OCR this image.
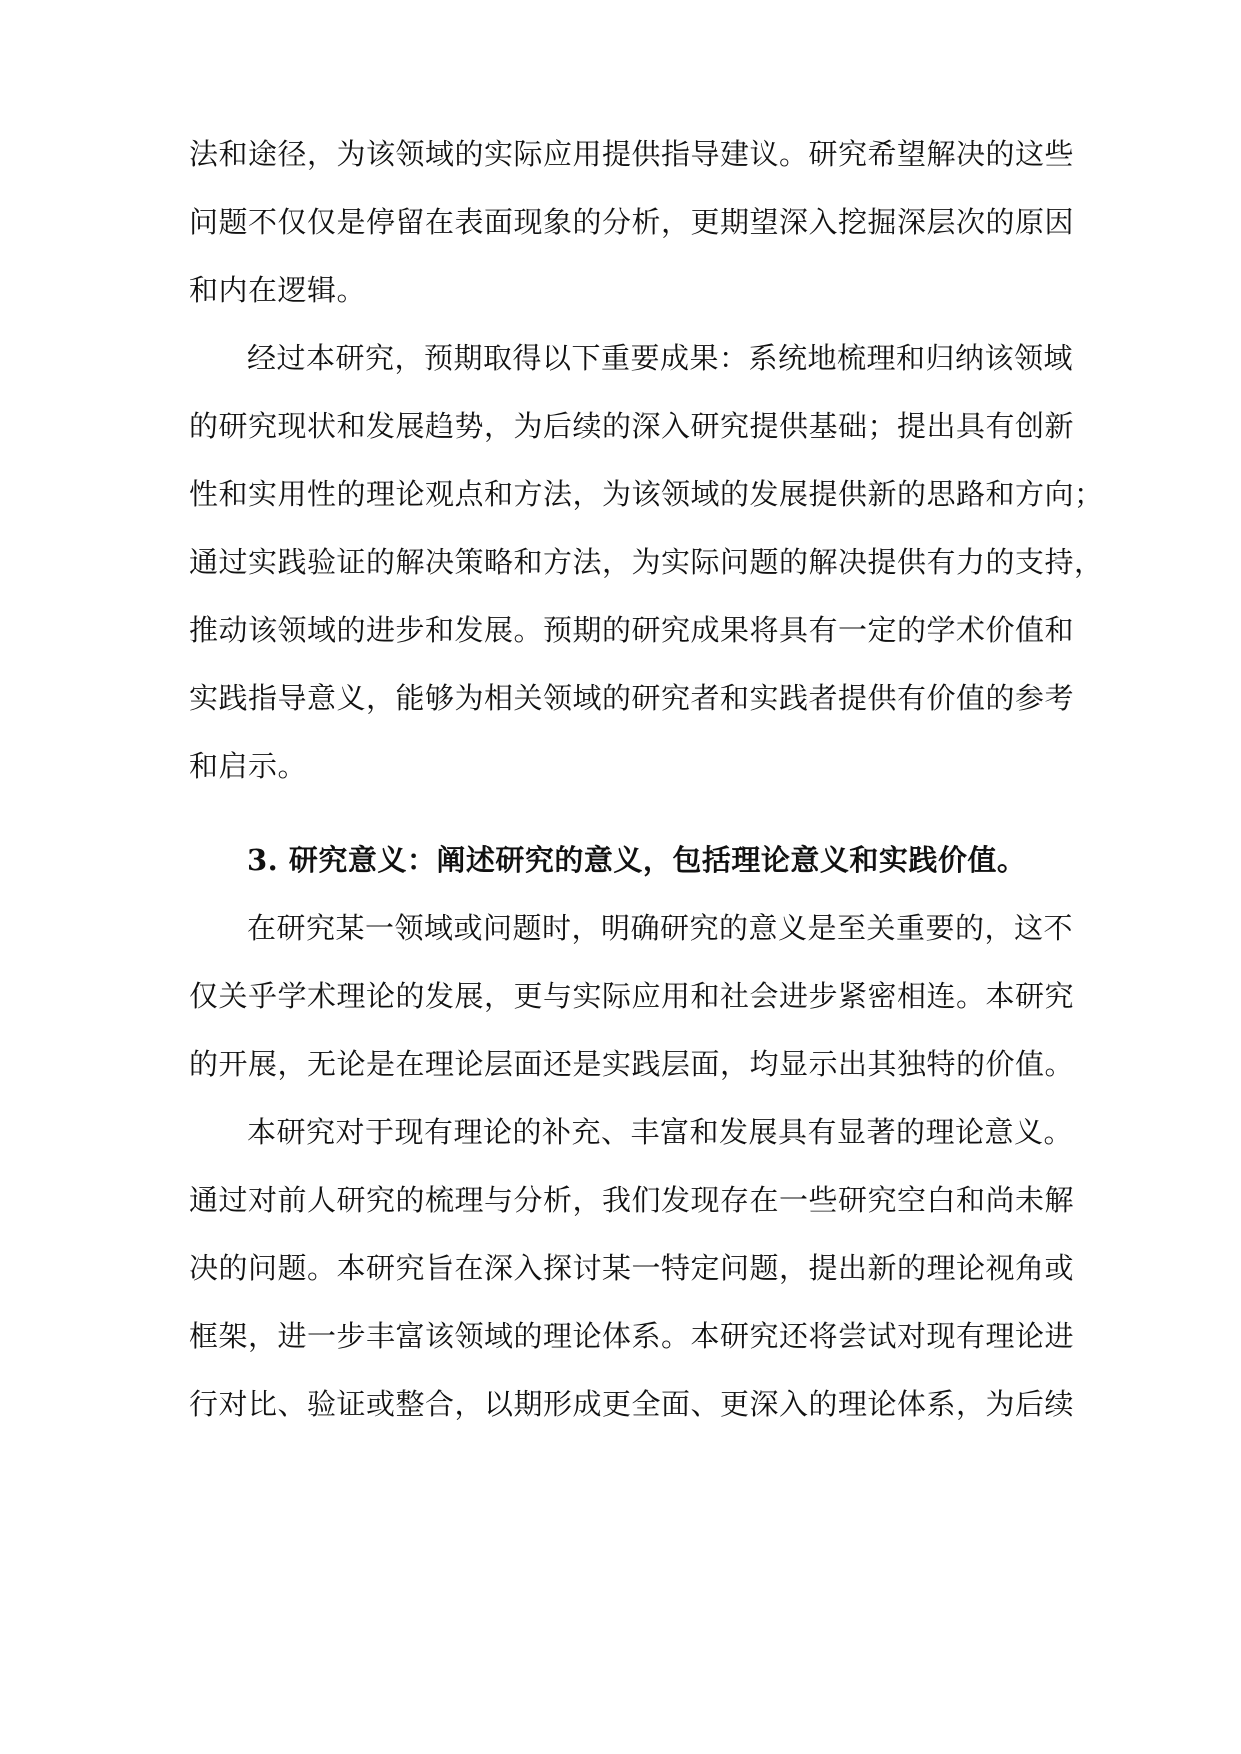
法和途径，为该领域的实际应用提供指导建议。研究希望解决的这些
问题不仅仅是停留在表面现象的分析，更期望深入挖掘深层次的原因
和内在逻辑。
经过本研究，预期取得以下重要成果：系统地梳理和归纳该领域
的研究现状和发展趋势，为后续的深入研究提供基础；提出具有创新
性和实用性的理论观点和方法，为该领域的发展提供新的思路和方向；
通过实践验证的解决策略和方法，为实际问题的解决提供有力的支持，
推动该领域的进步和发展。预期的研究成果将具有一定的学术价值和
实践指导意义，能够为相关领域的研究者和实践者提供有价值的参考
和启示。
3. 研究意义：阐述研究的意义，包括理论意义和实践价值。
在研究某一领域或问题时，明确研究的意义是至关重要的，这不
仅关乎学术理论的发展，更与实际应用和社会进步紧密相连。本研究
的开展，无论是在理论层面还是实践层面，均显示出其独特的价值。
本研究对于现有理论的补充、丰富和发展具有显著的理论意义。
通过对前人研究的梳理与分析，我们发现存在一些研究空白和尚未解
决的问题。本研究旨在深入探讨某一特定问题，提出新的理论视角或
框架，进一步丰富该领域的理论体系。本研究还将尝试对现有理论进
行对比、验证或整合，以期形成更全面、更深入的理论体系，为后续
